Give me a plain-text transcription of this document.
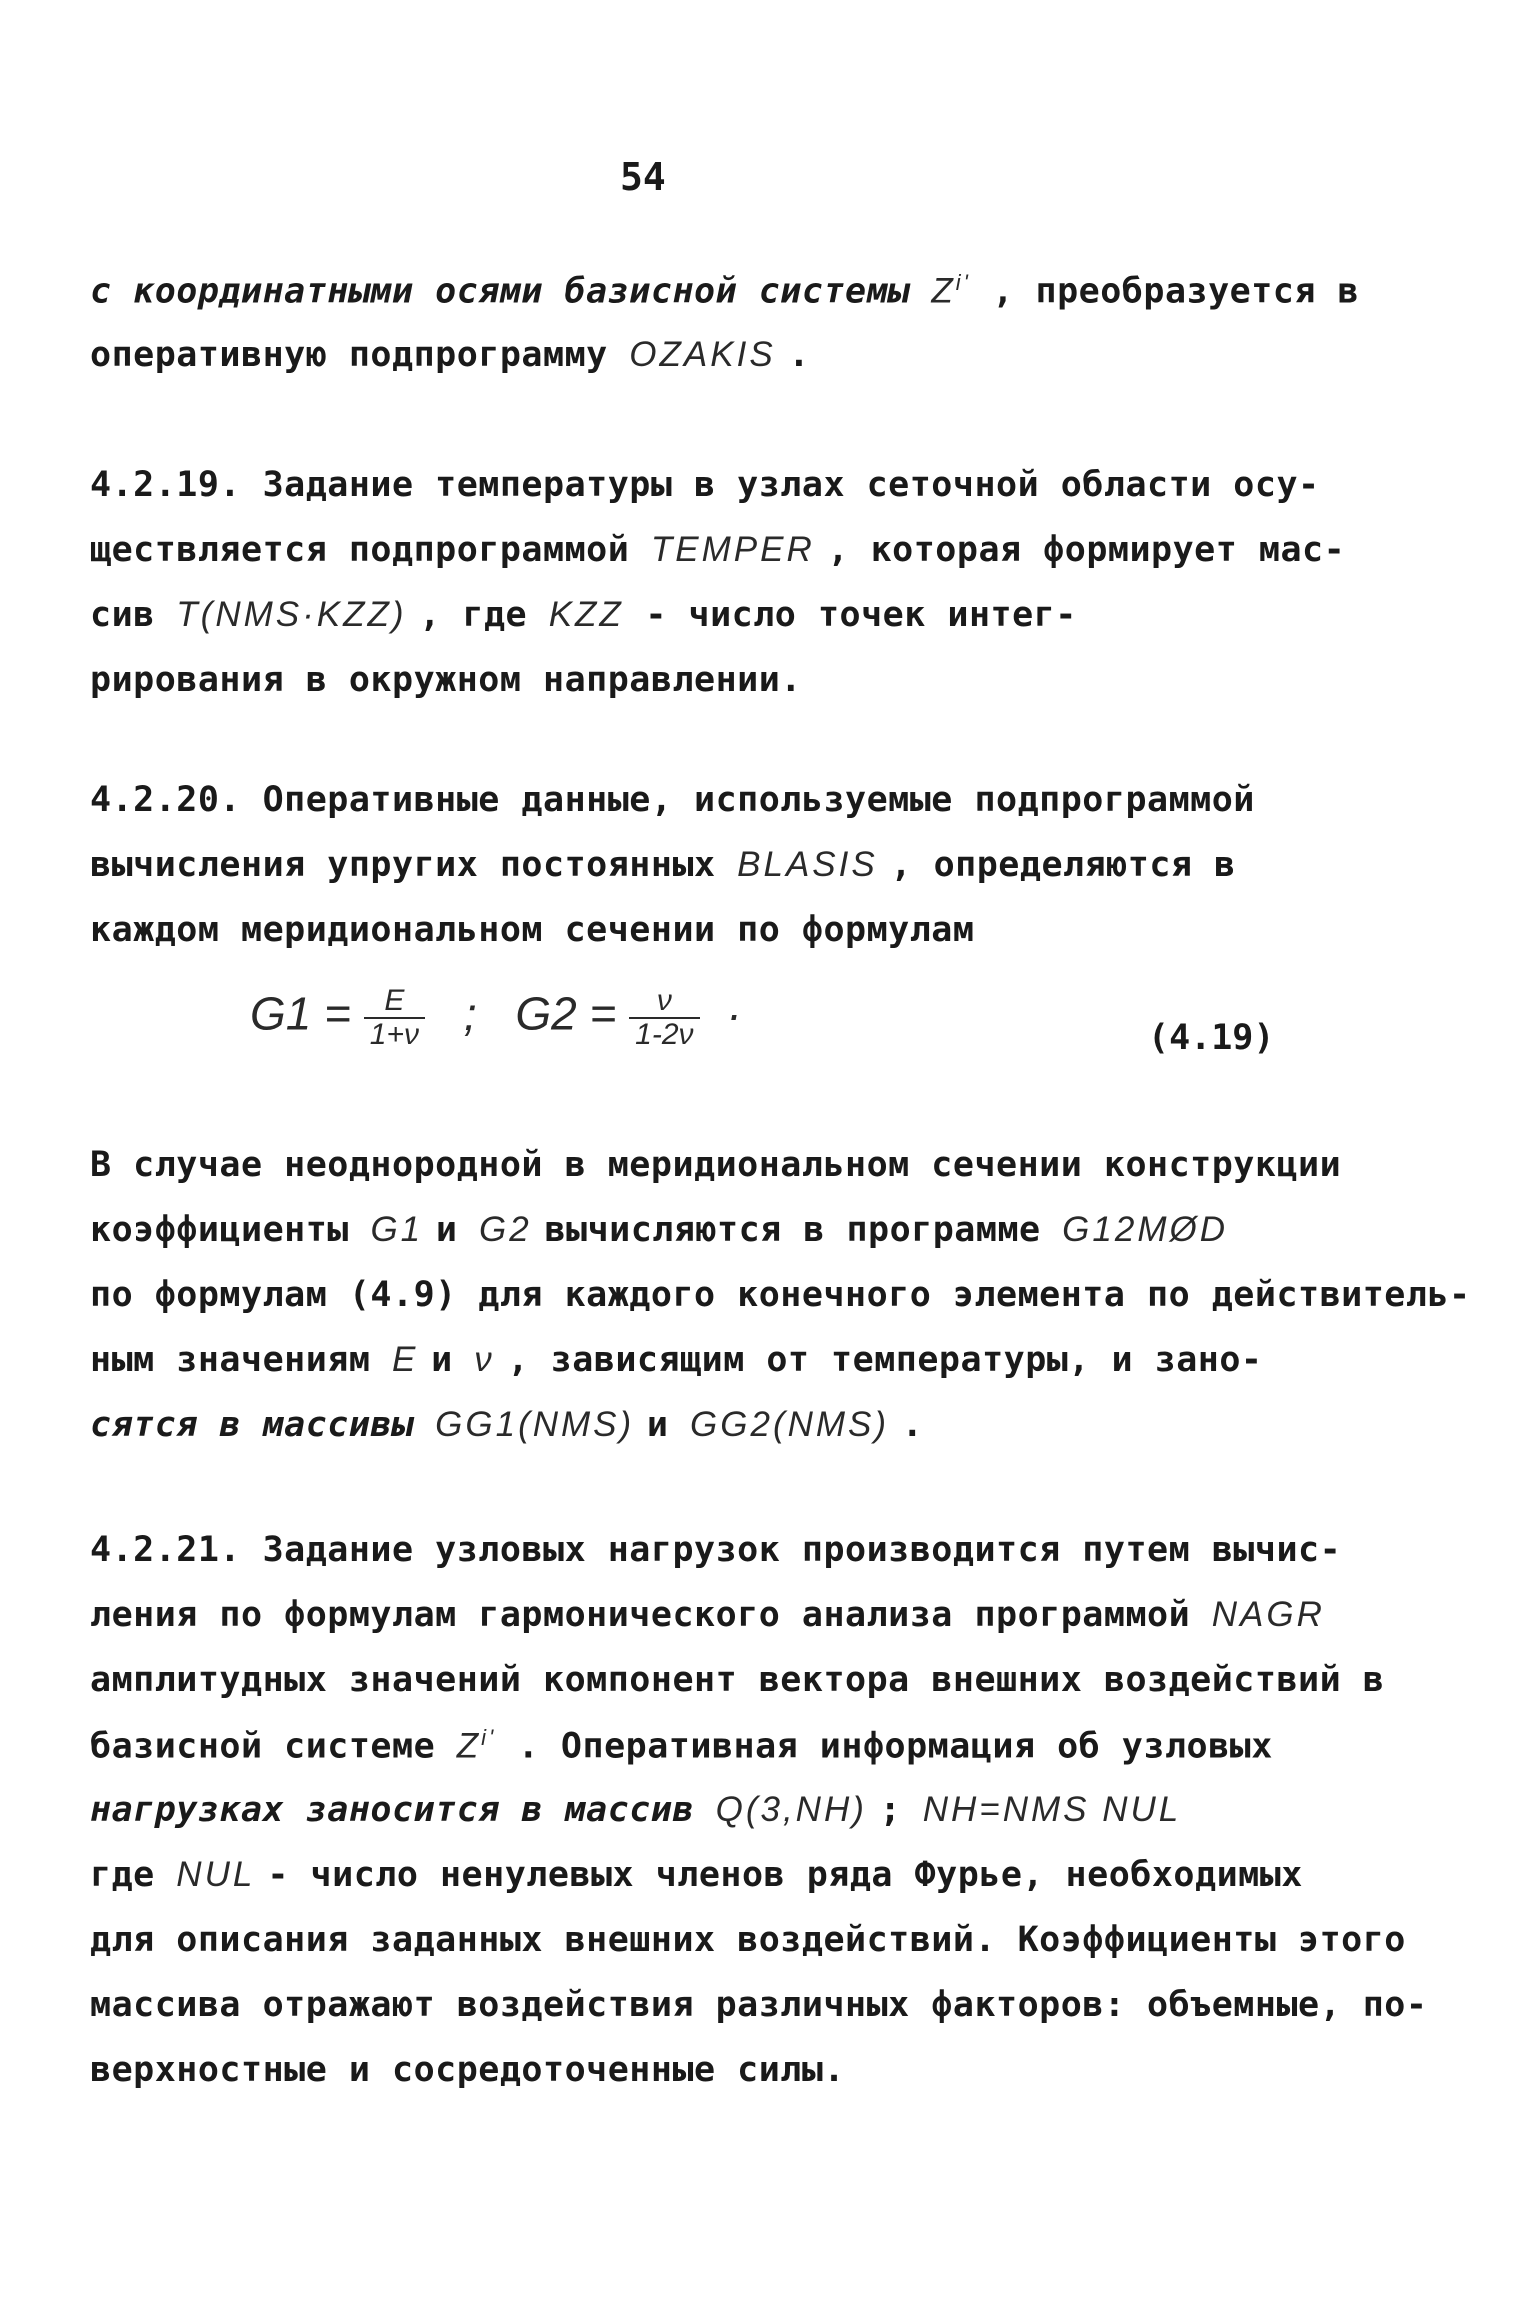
54
с координатными осями базисной системы $Z^{i'}$ , преобразуется в
оперативную подпрограмму OZAKIS .
4.2.19. Задание температуры в узлах сеточной области осу-
ществляется подпрограммой TEMPER , которая формирует мас-
сив T(NMS·KZZ) , где KZZ - число точек интег-
рирования в окружном направлении.
4.2.20. Оперативные данные, используемые подпрограммой
вычисления упругих постоянных BLASIS , определяются в
каждом меридиональном сечении по формулам
В случае неоднородной в меридиональном сечении конструкции
коэффициенты G1 и G2 вычисляются в программе G12MØD
по формулам (4.9) для каждого конечного элемента по действитель-
ным значениям E и ν , зависящим от температуры, и зано-
сятся в массивы GG1(NMS) и GG2(NMS) .
4.2.21. Задание узловых нагрузок производится путем вычис-
ления по формулам гармонического анализа программой NAGR
амплитудных значений компонент вектора внешних воздействий в
базисной системе $Z^{i'}$ . Оперативная информация об узловых
нагрузках заносится в массив Q(3,NH) ; NH=NMS NUL
где NUL - число ненулевых членов ряда Фурье, необходимых
для описания заданных внешних воздействий. Коэффициенты этого
массива отражают воздействия различных факторов: объемные, по-
верхностные и сосредоточенные силы.
$G1 = \frac{E}{1+\nu}$ ; $G2 = \frac{\nu}{1-2\nu}$ ·	(4.19)
